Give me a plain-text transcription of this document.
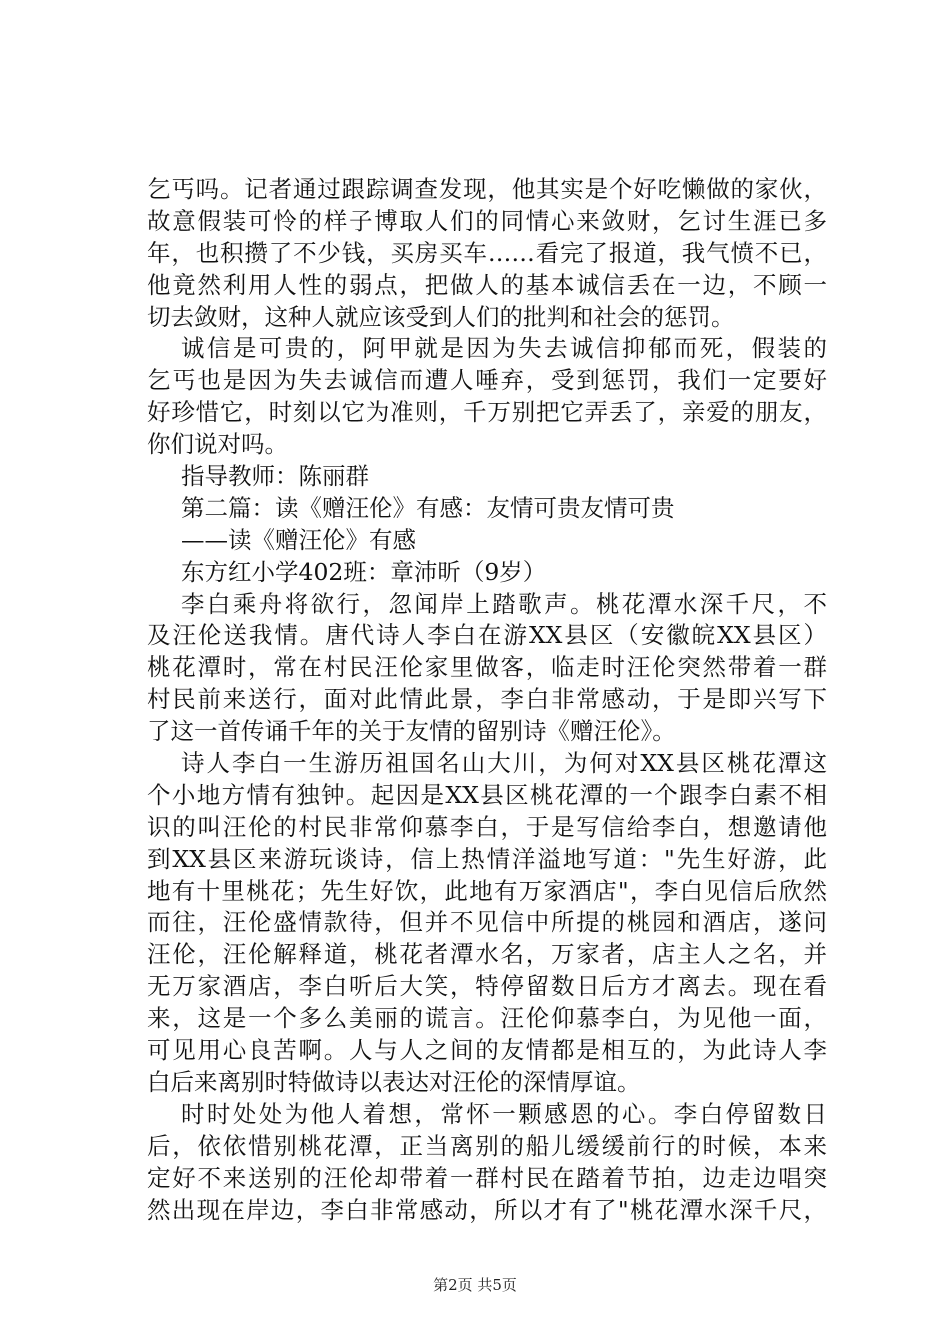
乞丐吗。记者通过跟踪调查发现，他其实是个好吃懒做的家伙，
故意假装可怜的样子博取人们的同情心来敛财，乞讨生涯已多
年，也积攒了不少钱，买房买车……看完了报道，我气愤不已，
他竟然利用人性的弱点，把做人的基本诚信丢在一边，不顾一
切去敛财，这种人就应该受到人们的批判和社会的惩罚。
诚信是可贵的，阿甲就是因为失去诚信抑郁而死，假装的
乞丐也是因为失去诚信而遭人唾弃，受到惩罚，我们一定要好
好珍惜它，时刻以它为准则，千万别把它弄丢了，亲爱的朋友，
你们说对吗。
指导教师：陈丽群
第二篇：读《赠汪伦》有感：友情可贵友情可贵
——读《赠汪伦》有感
东方红小学402班：章沛昕（9岁）
李白乘舟将欲行，忽闻岸上踏歌声。桃花潭水深千尺，不
及汪伦送我情。唐代诗人李白在游XX县区（安徽皖XX县区）
桃花潭时，常在村民汪伦家里做客，临走时汪伦突然带着一群
村民前来送行，面对此情此景，李白非常感动，于是即兴写下
了这一首传诵千年的关于友情的留别诗《赠汪伦》。
诗人李白一生游历祖国名山大川，为何对XX县区桃花潭这
个小地方情有独钟。起因是XX县区桃花潭的一个跟李白素不相
识的叫汪伦的村民非常仰慕李白，于是写信给李白，想邀请他
到XX县区来游玩谈诗，信上热情洋溢地写道："先生好游，此
地有十里桃花；先生好饮，此地有万家酒店"，李白见信后欣然
而往，汪伦盛情款待，但并不见信中所提的桃园和酒店，遂问
汪伦，汪伦解释道，桃花者潭水名，万家者，店主人之名，并
无万家酒店，李白听后大笑，特停留数日后方才离去。现在看
来，这是一个多么美丽的谎言。汪伦仰慕李白，为见他一面，
可见用心良苦啊。人与人之间的友情都是相互的，为此诗人李
白后来离别时特做诗以表达对汪伦的深情厚谊。
时时处处为他人着想，常怀一颗感恩的心。李白停留数日
后，依依惜别桃花潭，正当离别的船儿缓缓前行的时候，本来
定好不来送别的汪伦却带着一群村民在踏着节拍，边走边唱突
然出现在岸边，李白非常感动，所以才有了"桃花潭水深千尺，
第2页 共5页
